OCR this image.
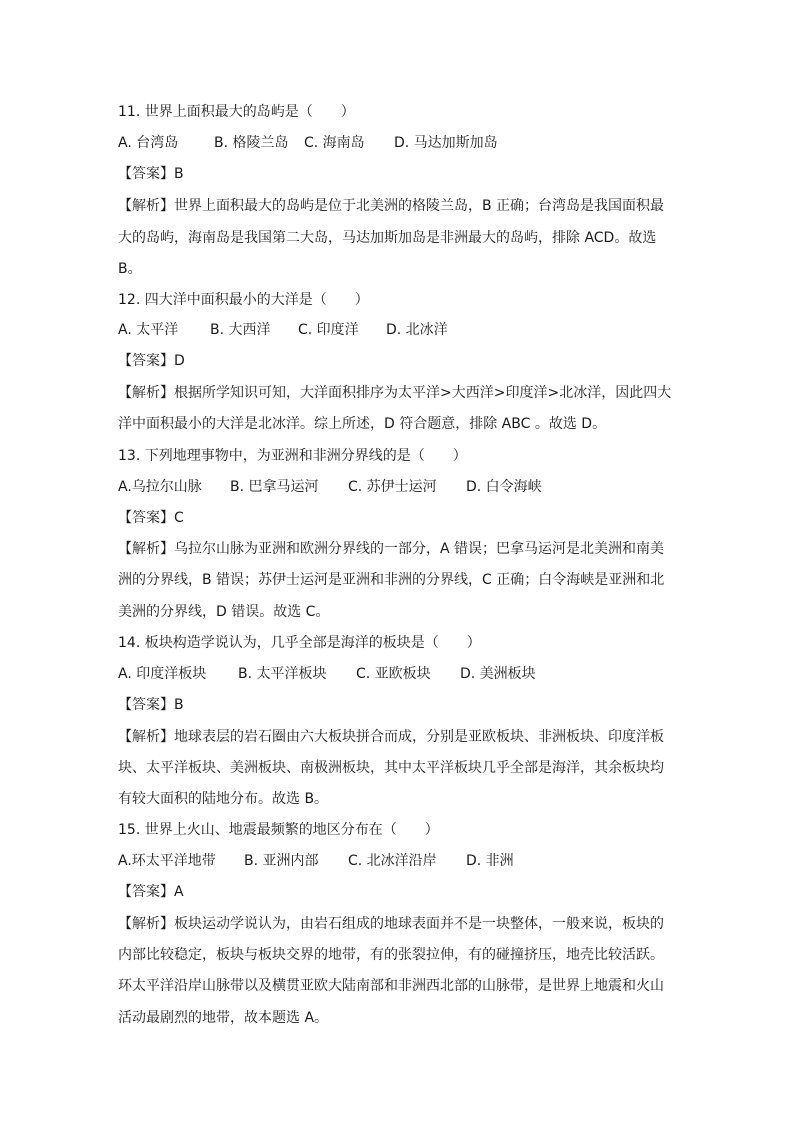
11. 世界上面积最大的岛屿是（　　）
A. 台湾岛	B. 格陵兰岛 C. 海南岛 D. 马达加斯加岛
【答案】B
【解析】世界上面积最大的岛屿是位于北美洲的格陵兰岛，B 正确；台湾岛是我国面积最
大的岛屿，海南岛是我国第二大岛，马达加斯加岛是非洲最大的岛屿，排除 ACD。故选
B。
12. 四大洋中面积最小的大洋是（　　）
A. 太平洋 B. 大西洋 C. 印度洋 D. 北冰洋
【答案】D
【解析】根据所学知识可知，大洋面积排序为太平洋>大西洋>印度洋>北冰洋，因此四大
洋中面积最小的大洋是北冰洋。综上所述，D 符合题意，排除 ABC 。故选 D。
13. 下列地理事物中，为亚洲和非洲分界线的是（　　）
A.乌拉尔山脉 B. 巴拿马运河 C. 苏伊士运河 D. 白令海峡
【答案】C
【解析】乌拉尔山脉为亚洲和欧洲分界线的一部分，A 错误；巴拿马运河是北美洲和南美
洲的分界线，B 错误；苏伊士运河是亚洲和非洲的分界线，C 正确；白令海峡是亚洲和北
美洲的分界线，D 错误。故选 C。
14. 板块构造学说认为，几乎全部是海洋的板块是（　　）
A. 印度洋板块 B. 太平洋板块 C. 亚欧板块 D. 美洲板块
【答案】B
【解析】地球表层的岩石圈由六大板块拼合而成，分别是亚欧板块、非洲板块、印度洋板
块、太平洋板块、美洲板块、南极洲板块，其中太平洋板块几乎全部是海洋，其余板块均
有较大面积的陆地分布。故选 B。
15. 世界上火山、地震最频繁的地区分布在（　　）
A.环太平洋地带 B. 亚洲内部 C. 北冰洋沿岸 D. 非洲
【答案】A
【解析】板块运动学说认为，由岩石组成的地球表面并不是一块整体，一般来说，板块的
内部比较稳定，板块与板块交界的地带，有的张裂拉伸，有的碰撞挤压，地壳比较活跃。
环太平洋沿岸山脉带以及横贯亚欧大陆南部和非洲西北部的山脉带，是世界上地震和火山
活动最剧烈的地带，故本题选 A。
